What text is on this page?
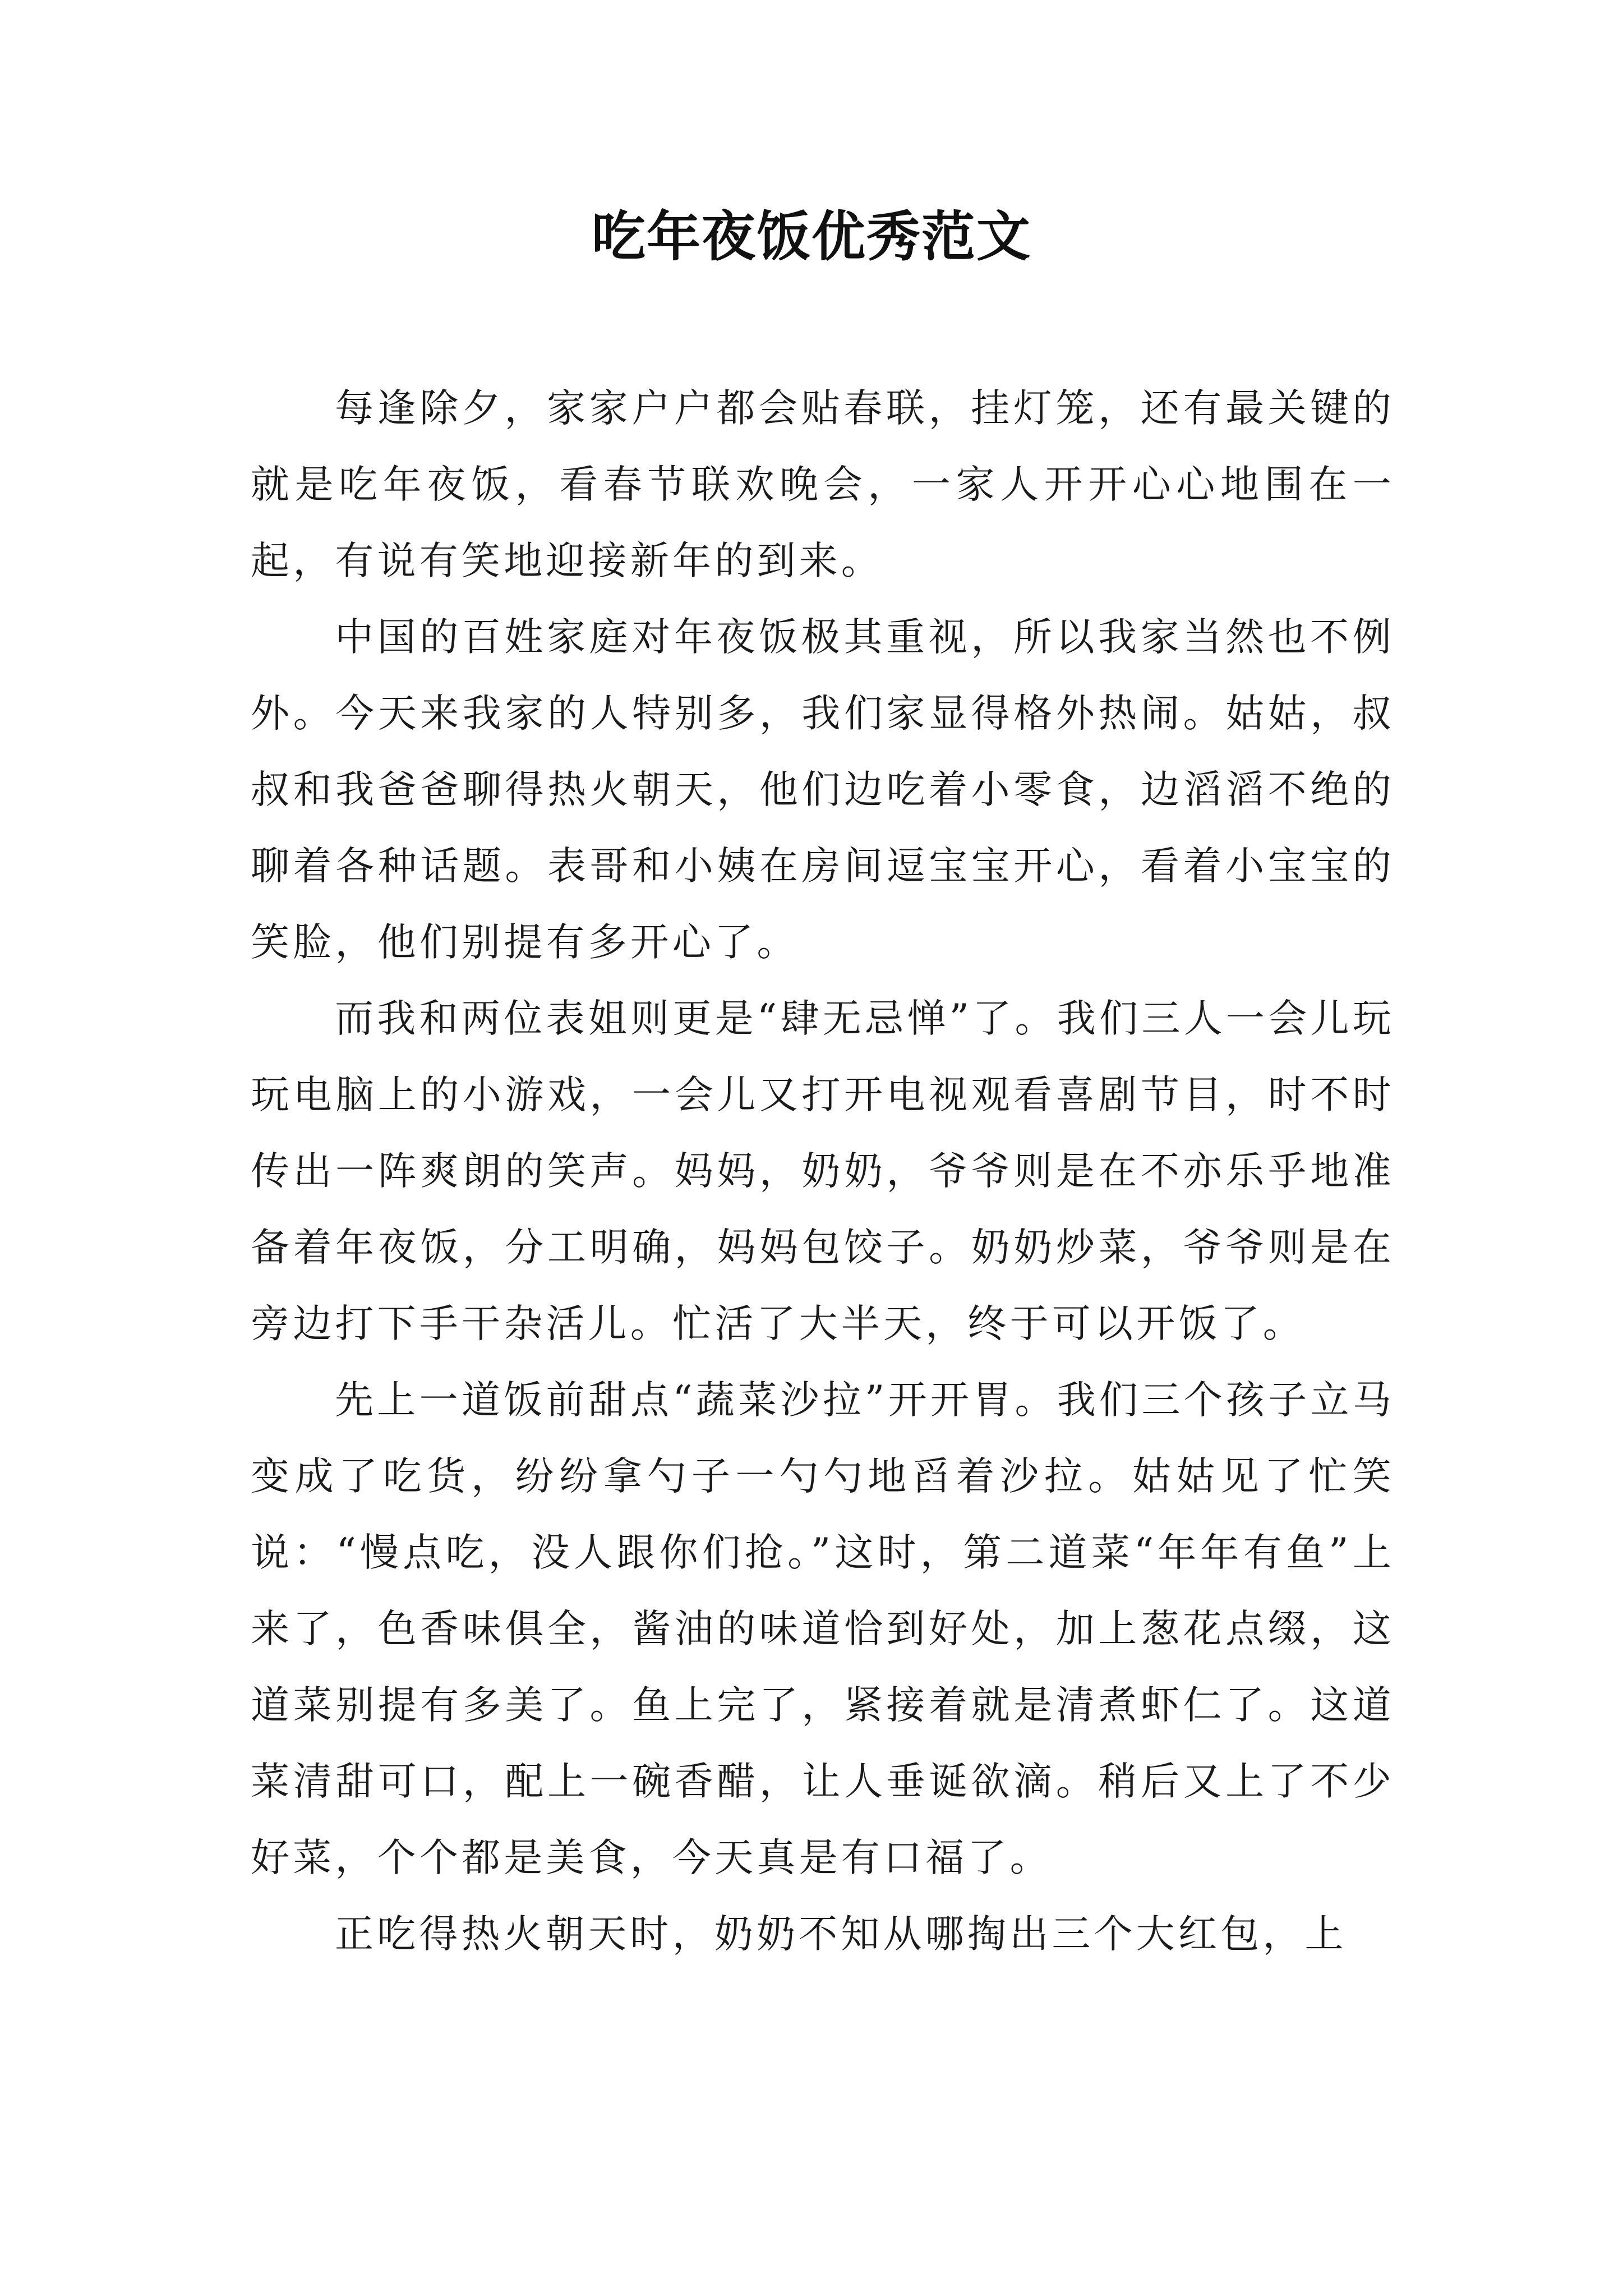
吃年夜饭优秀范文

每逢除夕，家家户户都会贴春联，挂灯笼，还有最关键的就是吃年夜饭，看春节联欢晚会，一家人开开心心地围在一起，有说有笑地迎接新年的到来。

中国的百姓家庭对年夜饭极其重视，所以我家当然也不例外。今天来我家的人特别多，我们家显得格外热闹。姑姑，叔叔和我爸爸聊得热火朝天，他们边吃着小零食，边滔滔不绝的聊着各种话题。表哥和小姨在房间逗宝宝开心，看着小宝宝的笑脸，他们别提有多开心了。

而我和两位表姐则更是“肆无忌惮”了。我们三人一会儿玩玩电脑上的小游戏，一会儿又打开电视观看喜剧节目，时不时传出一阵爽朗的笑声。妈妈，奶奶，爷爷则是在不亦乐乎地准备着年夜饭，分工明确，妈妈包饺子。奶奶炒菜，爷爷则是在旁边打下手干杂活儿。忙活了大半天，终于可以开饭了。

先上一道饭前甜点“蔬菜沙拉”开开胃。我们三个孩子立马变成了吃货，纷纷拿勺子一勺勺地舀着沙拉。姑姑见了忙笑说：“慢点吃，没人跟你们抢。”这时，第二道菜“年年有鱼”上来了，色香味俱全，酱油的味道恰到好处，加上葱花点缀，这道菜别提有多美了。鱼上完了，紧接着就是清煮虾仁了。这道菜清甜可口，配上一碗香醋，让人垂诞欲滴。稍后又上了不少好菜，个个都是美食，今天真是有口福了。

正吃得热火朝天时，奶奶不知从哪掏出三个大红包，上
